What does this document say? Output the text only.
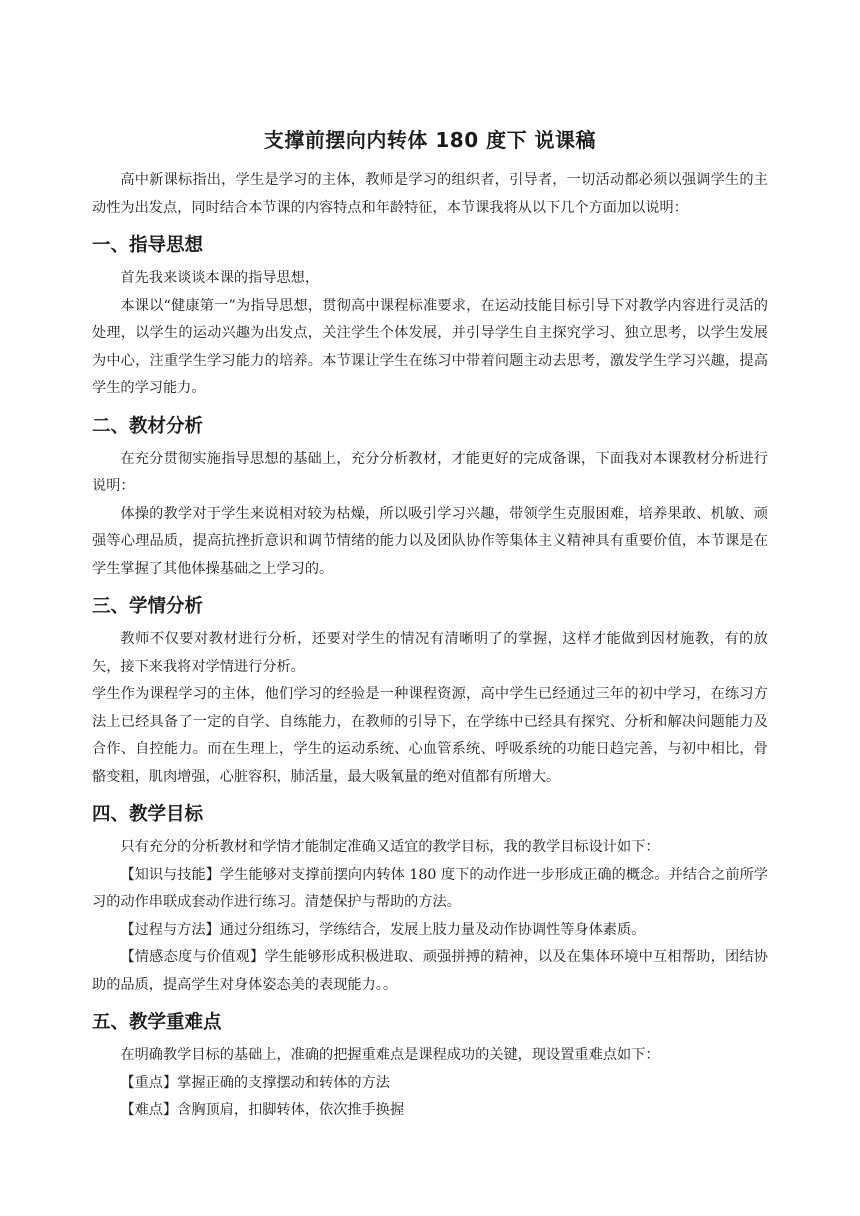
支撑前摆向内转体 180 度下 说课稿

高中新课标指出，学生是学习的主体，教师是学习的组织者，引导者，一切活动都必须以强调学生的主动性为出发点，同时结合本节课的内容特点和年龄特征，本节课我将从以下几个方面加以说明：

一、指导思想

首先我来谈谈本课的指导思想，

本课以“健康第一”为指导思想，贯彻高中课程标准要求，在运动技能目标引导下对教学内容进行灵活的处理，以学生的运动兴趣为出发点，关注学生个体发展，并引导学生自主探究学习、独立思考，以学生发展为中心，注重学生学习能力的培养。本节课让学生在练习中带着问题主动去思考，激发学生学习兴趣，提高学生的学习能力。

二、教材分析

在充分贯彻实施指导思想的基础上，充分分析教材，才能更好的完成备课，下面我对本课教材分析进行说明：

体操的教学对于学生来说相对较为枯燥，所以吸引学习兴趣，带领学生克服困难，培养果敢、机敏、顽强等心理品质，提高抗挫折意识和调节情绪的能力以及团队协作等集体主义精神具有重要价值，本节课是在学生掌握了其他体操基础之上学习的。

三、学情分析

教师不仅要对教材进行分析，还要对学生的情况有清晰明了的掌握，这样才能做到因材施教，有的放矢，接下来我将对学情进行分析。

学生作为课程学习的主体，他们学习的经验是一种课程资源，高中学生已经通过三年的初中学习，在练习方法上已经具备了一定的自学、自练能力，在教师的引导下，在学练中已经具有探究、分析和解决问题能力及合作、自控能力。而在生理上，学生的运动系统、心血管系统、呼吸系统的功能日趋完善，与初中相比，骨骼变粗，肌肉增强，心脏容积，肺活量，最大吸氧量的绝对值都有所增大。

四、教学目标

只有充分的分析教材和学情才能制定准确又适宜的教学目标，我的教学目标设计如下：

【知识与技能】学生能够对支撑前摆向内转体 180 度下的动作进一步形成正确的概念。并结合之前所学习的动作串联成套动作进行练习。清楚保护与帮助的方法。

【过程与方法】通过分组练习，学练结合，发展上肢力量及动作协调性等身体素质。

【情感态度与价值观】学生能够形成积极进取、顽强拼搏的精神，以及在集体环境中互相帮助，团结协助的品质，提高学生对身体姿态美的表现能力。。

五、教学重难点

在明确教学目标的基础上，准确的把握重难点是课程成功的关键，现设置重难点如下：

【重点】掌握正确的支撑摆动和转体的方法

【难点】含胸顶肩，扣脚转体，依次推手换握
